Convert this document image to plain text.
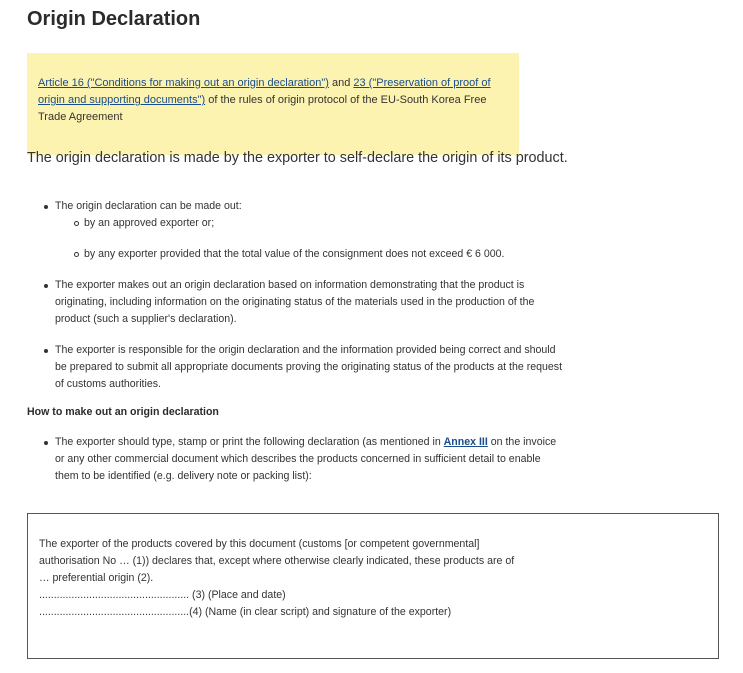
Origin Declaration
Article 16 ("Conditions for making out an origin declaration") and 23 ("Preservation of proof of origin and supporting documents") of the rules of origin protocol of the EU-South Korea Free Trade Agreement

The origin declaration is made by the exporter to self-declare the origin of its product.

The origin declaration can be made out:
by an approved exporter or;
by any exporter provided that the total value of the consignment does not exceed € 6 000.
The exporter makes out an origin declaration based on information demonstrating that the product is originating, including information on the originating status of the materials used in the production of the product (such a supplier's declaration).
The exporter is responsible for the origin declaration and the information provided being correct and should be prepared to submit all appropriate documents proving the originating status of the products at the request of customs authorities.

How to make out an origin declaration

The exporter should type, stamp or print the following declaration (as mentioned in Annex III on the invoice or any other commercial document which describes the products concerned in sufficient detail to enable them to be identified (e.g. delivery note or packing list):

The exporter of the products covered by this document (customs [or competent governmental] authorisation No … (1)) declares that, except where otherwise clearly indicated, these products are of

… preferential origin (2).

................................................... (3) (Place and date)

...................................................(4) (Name (in clear script) and signature of the exporter)
